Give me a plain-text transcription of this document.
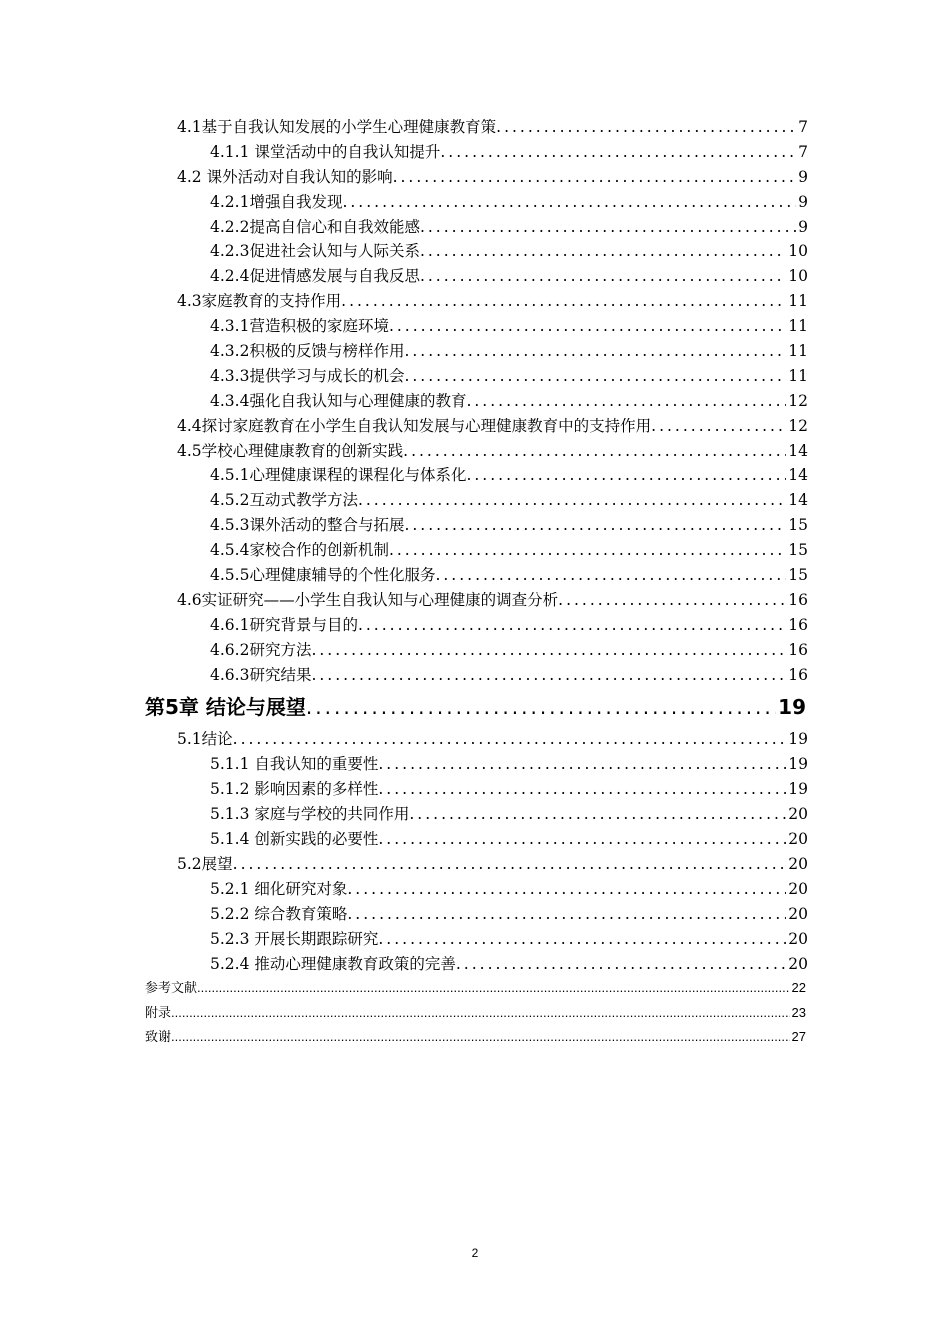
4.1基于自我认知发展的小学生心理健康教育策 .....	7
4.1.1 课堂活动中的自我认知提升 .....	7
4.2 课外活动对自我认知的影响 .....	9
4.2.1增强自我发现 .....	9
4.2.2提高自信心和自我效能感 .....	9
4.2.3促进社会认知与人际关系 .....	10
4.2.4促进情感发展与自我反思 .....	10
4.3家庭教育的支持作用 .....	11
4.3.1营造积极的家庭环境 .....	11
4.3.2积极的反馈与榜样作用 .....	11
4.3.3提供学习与成长的机会 .....	11
4.3.4强化自我认知与心理健康的教育 .....	12
4.4探讨家庭教育在小学生自我认知发展与心理健康教育中的支持作用 .....	12
4.5学校心理健康教育的创新实践 .....	14
4.5.1心理健康课程的课程化与体系化 .....	14
4.5.2互动式教学方法 .....	14
4.5.3课外活动的整合与拓展 .....	15
4.5.4家校合作的创新机制 .....	15
4.5.5心理健康辅导的个性化服务 .....	15
4.6实证研究——小学生自我认知与心理健康的调查分析 .....	16
4.6.1研究背景与目的 .....	16
4.6.2研究方法 .....	16
4.6.3研究结果 .....	16
第5章 结论与展望 .....	19
5.1结论 .....	19
5.1.1 自我认知的重要性 .....	19
5.1.2 影响因素的多样性 .....	19
5.1.3 家庭与学校的共同作用 .....	20
5.1.4 创新实践的必要性 .....	20
5.2展望 .....	20
5.2.1 细化研究对象 .....	20
5.2.2 综合教育策略 .....	20
5.2.3 开展长期跟踪研究 .....	20
5.2.4 推动心理健康教育政策的完善 .....	20
参考文献 .....	22
附录 .....	23
致谢 .....	27
2
